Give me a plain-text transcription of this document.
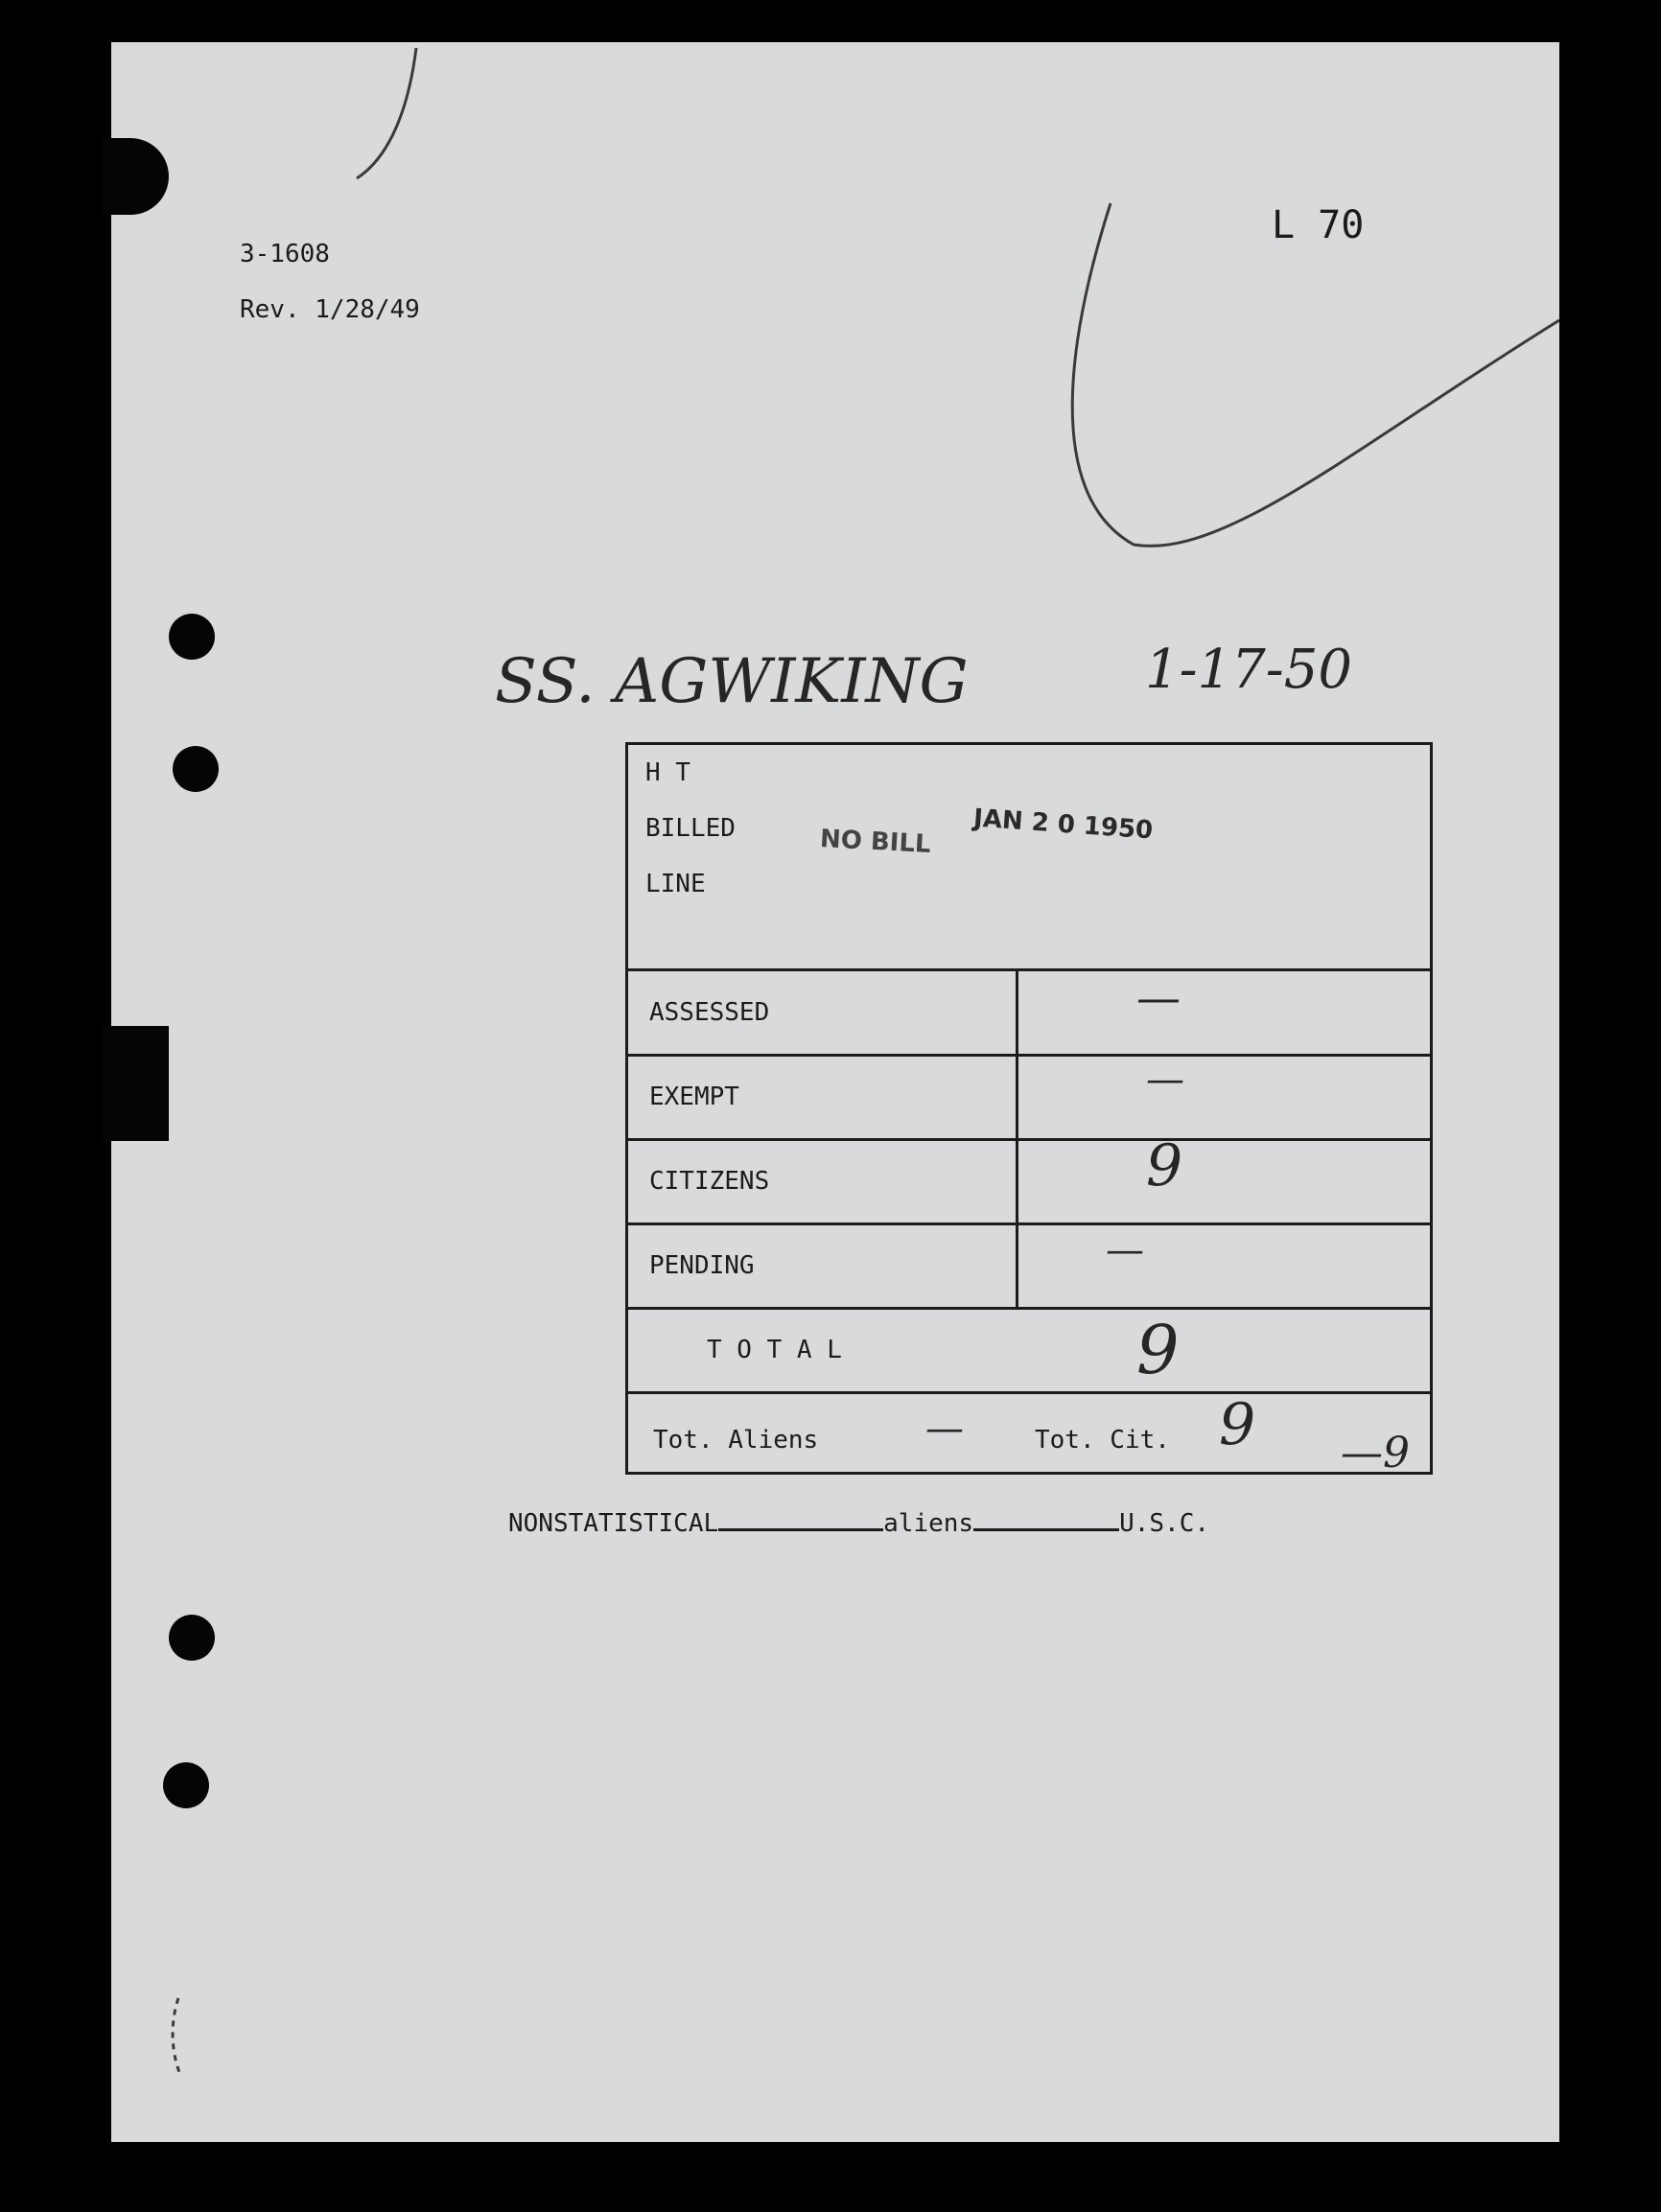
3-1608
Rev. 1/28/49
L 70
SS. AGWIKING	1-17-50
H T
BILLED
LINE
NO BILL JAN 2 0 1950
ASSESSED	—
EXEMPT	—
CITIZENS	9
PENDING	—
T O T A L	9
Tot. Aliens	—	Tot. Cit. 9 —9
NONSTATISTICAL	aliens	U.S.C.
